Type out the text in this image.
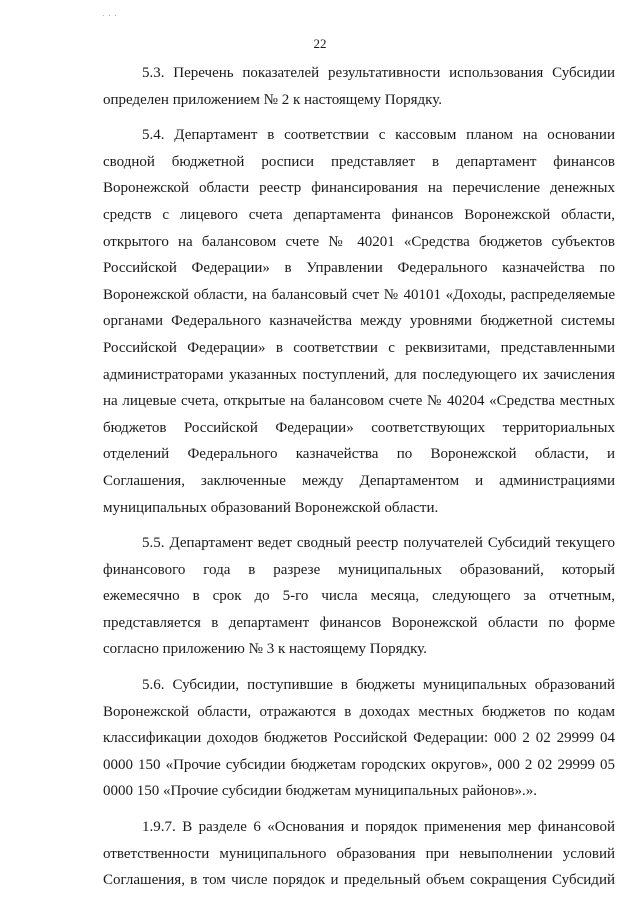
· · ·
22

5.3. Перечень показателей результативности использования Субсидии
определен приложением № 2 к настоящему Порядку.

5.4. Департамент в соответствии с кассовым планом на основании
сводной бюджетной росписи представляет в департамент финансов
Воронежской области реестр финансирования на перечисление денежных
средств с лицевого счета департамента финансов Воронежской области,
открытого на балансовом счете № 40201 «Средства бюджетов субъектов
Российской Федерации» в Управлении Федерального казначейства по
Воронежской области, на балансовый счет № 40101 «Доходы, распределяемые
органами Федерального казначейства между уровнями бюджетной системы
Российской Федерации» в соответствии с реквизитами, представленными
администраторами указанных поступлений, для последующего их зачисления
на лицевые счета, открытые на балансовом счете № 40204 «Средства местных
бюджетов Российской Федерации» соответствующих территориальных
отделений Федерального казначейства по Воронежской области, и
Соглашения, заключенные между Департаментом и администрациями
муниципальных образований Воронежской области.

5.5. Департамент ведет сводный реестр получателей Субсидий текущего
финансового года в разрезе муниципальных образований, который
ежемесячно в срок до 5-го числа месяца, следующего за отчетным,
представляется в департамент финансов Воронежской области по форме
согласно приложению № 3 к настоящему Порядку.

5.6. Субсидии, поступившие в бюджеты муниципальных образований
Воронежской области, отражаются в доходах местных бюджетов по кодам
классификации доходов бюджетов Российской Федерации: 000 2 02 29999 04
0000 150 «Прочие субсидии бюджетам городских округов», 000 2 02 29999 05
0000 150 «Прочие субсидии бюджетам муниципальных районов».».

1.9.7. В разделе 6 «Основания и порядок применения мер финансовой
ответственности муниципального образования при невыполнении условий
Соглашения, в том числе порядок и предельный объем сокращения Субсидий
